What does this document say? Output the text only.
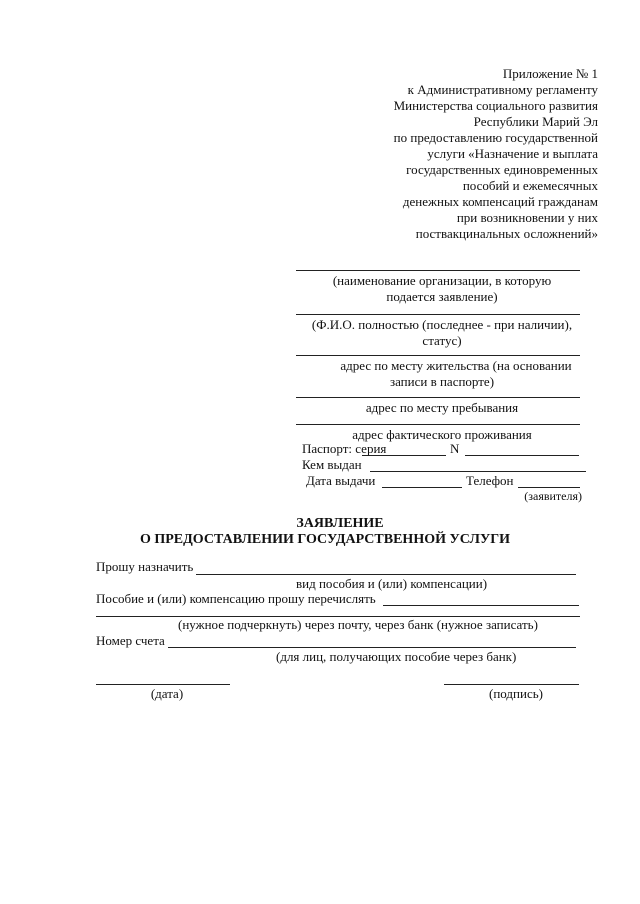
Приложение № 1
к Административному регламенту
Министерства социального развития
Республики Марий Эл
по предоставлению государственной
услуги «Назначение и выплата
государственных единовременных
пособий и ежемесячных
денежных компенсаций гражданам
при возникновении у них
поствакцинальных осложнений»
(наименование организации, в которую
подается заявление)
(Ф.И.О. полностью (последнее - при наличии),
статус)
адрес по месту жительства (на основании
записи в паспорте)
адрес по месту пребывания
адрес фактического проживания
Паспорт: серия	N
Кем выдан
Дата выдачи	Телефон
(заявителя)
ЗАЯВЛЕНИЕ
О ПРЕДОСТАВЛЕНИИ ГОСУДАРСТВЕННОЙ УСЛУГИ
Прошу назначить
вид пособия и (или) компенсации)
Пособие и (или) компенсацию прошу перечислять
(нужное подчеркнуть) через почту, через банк (нужное записать)
Номер счета
(для лиц, получающих пособие через банк)
(дата)	(подпись)
